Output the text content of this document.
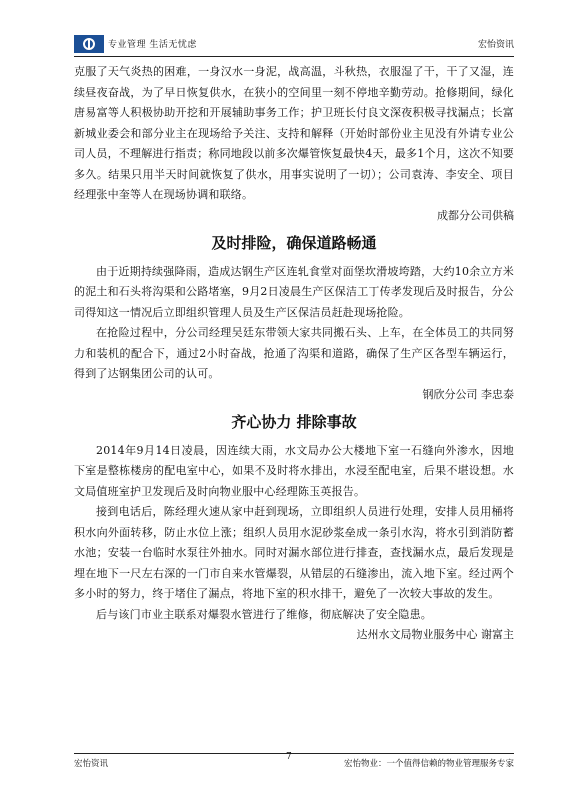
专业管理 生活无忧虑	宏怡资讯

克服了天气炎热的困难，一身汉水一身泥，战高温，斗秋热，衣服湿了干，干了又湿，连续昼夜奋战，为了早日恢复供水，在狭小的空间里一刻不停地辛勤劳动。抢修期间，绿化唐易富等人积极协助开挖和开展辅助事务工作；护卫班长付良文深夜积极寻找漏点；长富新城业委会和部分业主在现场给予关注、支持和解释（开始时部份业主见没有外请专业公司人员，不理解进行指责；称同地段以前多次爆管恢复最快4天，最多1个月，这次不知要多久。结果只用半天时间就恢复了供水，用事实说明了一切）；公司袁涛、李安全、项目经理张中奎等人在现场协调和联络。

成都分公司供稿

及时排险，确保道路畅通

由于近期持续强降雨，造成达钢生产区连轧食堂对面堡坎滑坡垮踏，大约10余立方米的泥土和石头将沟渠和公路堵塞，9月2日凌晨生产区保洁工丁传孝发现后及时报告，分公司得知这一情况后立即组织管理人员及生产区保洁员赶赴现场抢险。

在抢险过程中，分公司经理吴廷东带领大家共同搬石头、上车，在全体员工的共同努力和装机的配合下，通过2小时奋战，抢通了沟渠和道路，确保了生产区各型车辆运行，得到了达钢集团公司的认可。

钢欣分公司 李忠泰

齐心协力 排除事故

2014年9月14日凌晨，因连续大雨，水文局办公大楼地下室一石缝向外渗水，因地下室是整栋楼房的配电室中心，如果不及时将水排出，水浸至配电室，后果不堪设想。水文局值班室护卫发现后及时向物业服中心经理陈玉英报告。

接到电话后，陈经理火速从家中赶到现场，立即组织人员进行处理，安排人员用桶将积水向外面转移，防止水位上涨；组织人员用水泥砂浆垒成一条引水沟，将水引到消防蓄水池；安装一台临时水泵往外抽水。同时对漏水部位进行排查，查找漏水点，最后发现是埋在地下一尺左右深的一门市自来水管爆裂，从错层的石缝渗出，流入地下室。经过两个多小时的努力，终于堵住了漏点，将地下室的积水排干，避免了一次较大事故的发生。

后与该门市业主联系对爆裂水管进行了维修，彻底解决了安全隐患。

达州水文局物业服务中心 谢富主

宏怡资讯
7
宏怡物业：一个值得信赖的物业管理服务专家
